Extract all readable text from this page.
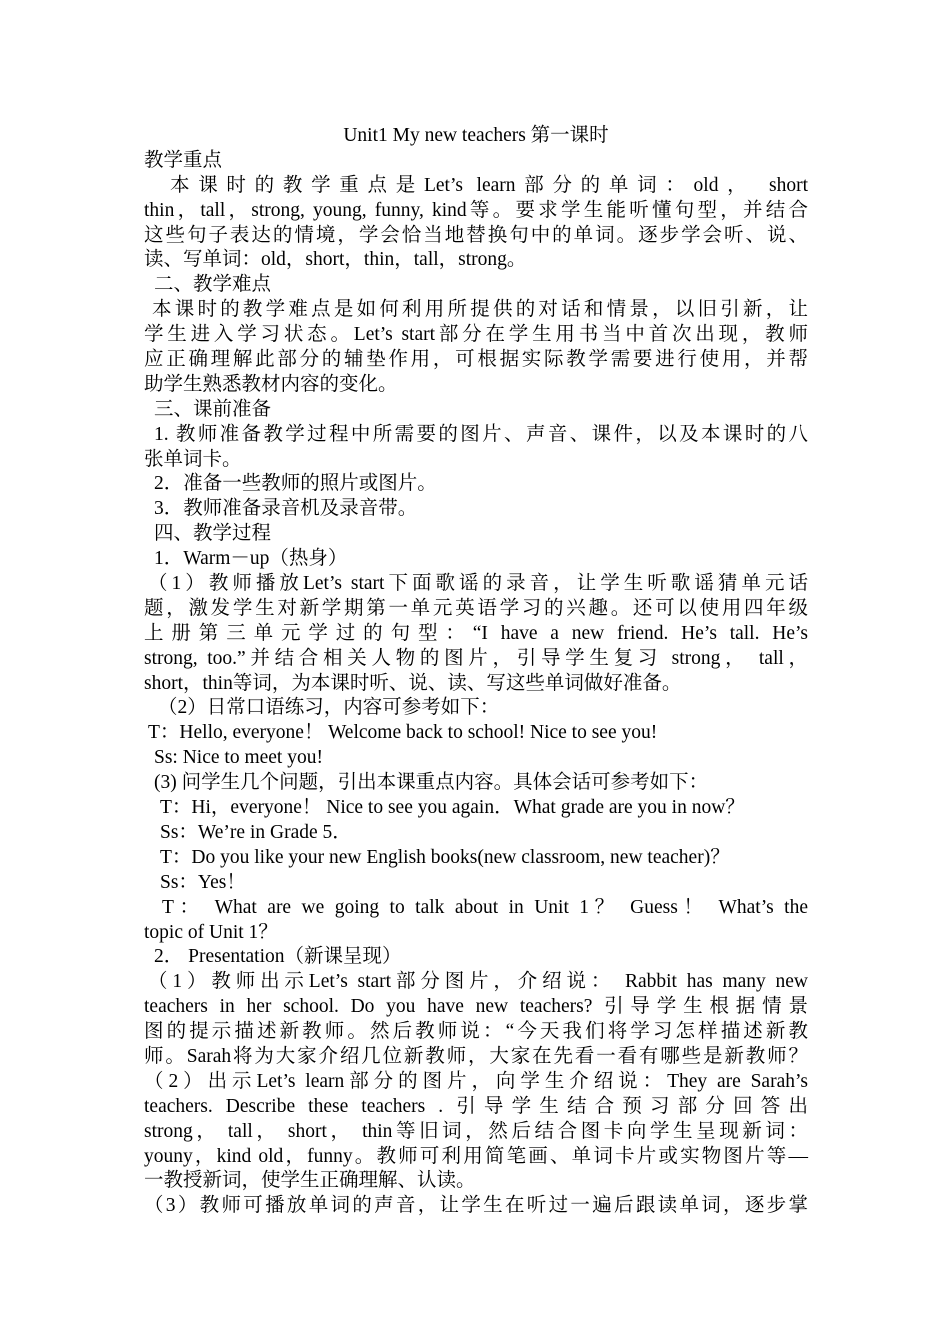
Unit1 My new teachers 第一课时
教学重点
本课时的教学重点是Let’s learn部分的单词：old， short
thin，tall，strong, young, funny, kind等。要求学生能听懂句型，并结合
这些句子表达的情境，学会恰当地替换句中的单词。逐步学会听、说、
读、写单词：old，short，thin，tall，strong。
二、教学难点
本课时的教学难点是如何利用所提供的对话和情景，以旧引新，让
学生进入学习状态。Let’s start部分在学生用书当中首次出现，教师
应正确理解此部分的辅垫作用，可根据实际教学需要进行使用，并帮
助学生熟悉教材内容的变化。
三、课前准备
1. 教师准备教学过程中所需要的图片、声音、课件，以及本课时的八
张单词卡。
2．准备一些教师的照片或图片。
3．教师准备录音机及录音带。
四、教学过程
1．Warm－up（热身）
（1）教师播放Let’s start下面歌谣的录音，让学生听歌谣猜单元话
题，激发学生对新学期第一单元英语学习的兴趣。还可以使用四年级
上册第三单元学过的句型：“I have a new friend. He’s tall. He’s
strong, too.”并结合相关人物的图片，引导学生复习 strong， tall，
short，thin等词，为本课时听、说、读、写这些单词做好准备。
（2）日常口语练习，内容可参考如下：
T：Hello, everyone！ Welcome back to school! Nice to see you!
Ss: Nice to meet you!
(3) 问学生几个问题，引出本课重点内容。具体会话可参考如下：
T：Hi，everyone！ Nice to see you again．What grade are you in now？
Ss：We’re in Grade 5．
T：Do you like your new English books(new classroom, new teacher)？
Ss：Yes！
T： What are we going to talk about in Unit 1？ Guess！ What’s the
topic of Unit 1？
2． Presentation（新课呈现）
（1）教师出示Let’s start部分图片，介绍说： Rabbit has many new
teachers in her school. Do you have new teachers? 引导学生根据情景
图的提示描述新教师。然后教师说：“今天我们将学习怎样描述新教
师。Sarah将为大家介绍几位新教师，大家在先看一看有哪些是新教师？
（2）出示Let’s learn部分的图片，向学生介绍说：They are Sarah’s
teachers. Describe these teachers . 引导学生结合预习部分回答出
strong， tall， short， thin等旧词，然后结合图卡向学生呈现新词：
youny，kind old，funny。教师可利用简笔画、单词卡片或实物图片等—
一教授新词，使学生正确理解、认读。
（3）教师可播放单词的声音，让学生在听过一遍后跟读单词，逐步掌
